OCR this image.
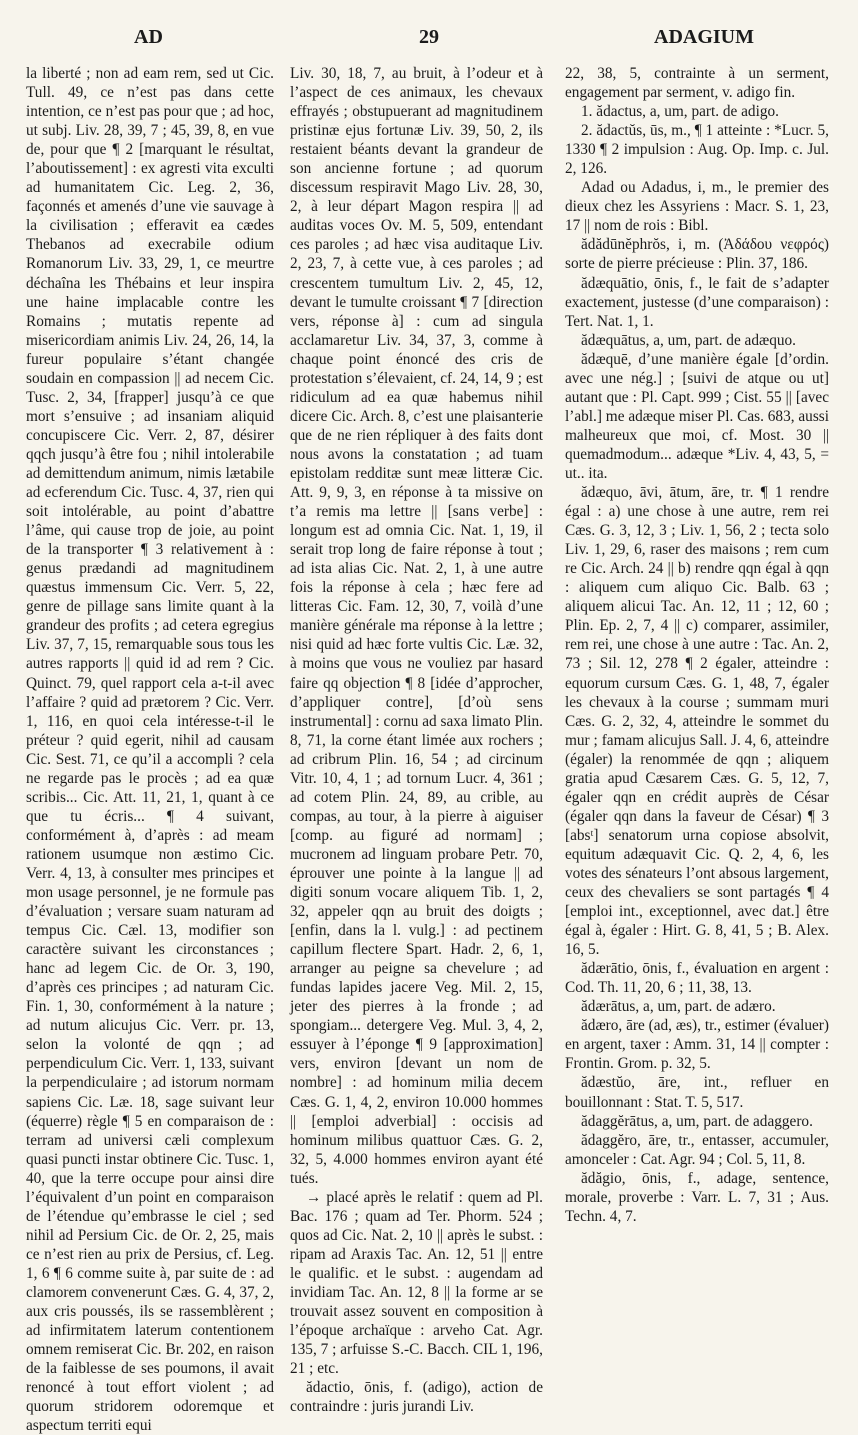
AD	29	ADAGIUM

la liberté ; non ad eam rem, sed ut Cic. Tull. 49, ce n’est pas dans cette intention, ce n’est pas pour que ; ad hoc, ut subj. Liv. 28, 39, 7 ; 45, 39, 8, en vue de, pour que ¶ 2 [marquant le résultat, l’aboutissement] : ex agresti vita exculti ad humanitatem Cic. Leg. 2, 36, façonnés et amenés d’une vie sauvage à la civilisation ; efferavit ea cædes Thebanos ad execrabile odium Romanorum Liv. 33, 29, 1, ce meurtre déchaîna les Thébains et leur inspira une haine implacable contre les Romains ; mutatis repente ad misericordiam animis Liv. 24, 26, 14, la fureur populaire s’étant changée soudain en compassion || ad necem Cic. Tusc. 2, 34, [frapper] jusqu’à ce que mort s’ensuive ; ad insaniam aliquid concupiscere Cic. Verr. 2, 87, désirer qqch jusqu’à être fou ; nihil intolerabile ad demittendum animum, nimis lætabile ad ecferendum Cic. Tusc. 4, 37, rien qui soit intolérable, au point d’abattre l’âme, qui cause trop de joie, au point de la transporter ¶ 3 relativement à : genus prædandi ad magnitudinem quæstus immensum Cic. Verr. 5, 22, genre de pillage sans limite quant à la grandeur des profits ; ad cetera egregius Liv. 37, 7, 15, remarquable sous tous les autres rapports || quid id ad rem ? Cic. Quinct. 79, quel rapport cela a-t-il avec l’affaire ? quid ad prætorem ? Cic. Verr. 1, 116, en quoi cela intéresse-t-il le préteur ? quid egerit, nihil ad causam Cic. Sest. 71, ce qu’il a accompli ? cela ne regarde pas le procès ; ad ea quæ scribis... Cic. Att. 11, 21, 1, quant à ce que tu écris... ¶ 4 suivant, conformément à, d’après : ad meam rationem usumque non æstimo Cic. Verr. 4, 13, à consulter mes principes et mon usage personnel, je ne formule pas d’évaluation ; versare suam naturam ad tempus Cic. Cæl. 13, modifier son caractère suivant les circonstances ; hanc ad legem Cic. de Or. 3, 190, d’après ces principes ; ad naturam Cic. Fin. 1, 30, conformément à la nature ; ad nutum alicujus Cic. Verr. pr. 13, selon la volonté de qqn ; ad perpendiculum Cic. Verr. 1, 133, suivant la perpendiculaire ; ad istorum normam sapiens Cic. Læ. 18, sage suivant leur (équerre) règle ¶ 5 en comparaison de : terram ad universi cæli complexum quasi puncti instar obtinere Cic. Tusc. 1, 40, que la terre occupe pour ainsi dire l’équivalent d’un point en comparaison de l’étendue qu’embrasse le ciel ; sed nihil ad Persium Cic. de Or. 2, 25, mais ce n’est rien au prix de Persius, cf. Leg. 1, 6 ¶ 6 comme suite à, par suite de : ad clamorem convenerunt Cæs. G. 4, 37, 2, aux cris poussés, ils se rassemblèrent ; ad infirmitatem laterum contentionem omnem remiserat Cic. Br. 202, en raison de la faiblesse de ses poumons, il avait renoncé à tout effort violent ; ad quorum stridorem odoremque et aspectum territi equi

Liv. 30, 18, 7, au bruit, à l’odeur et à l’aspect de ces animaux, les chevaux effrayés ; obstupuerant ad magnitudinem pristinæ ejus fortunæ Liv. 39, 50, 2, ils restaient béants devant la grandeur de son ancienne fortune ; ad quorum discessum respiravit Mago Liv. 28, 30, 2, à leur départ Magon respira || ad auditas voces Ov. M. 5, 509, entendant ces paroles ; ad hæc visa auditaque Liv. 2, 23, 7, à cette vue, à ces paroles ; ad crescentem tumultum Liv. 2, 45, 12, devant le tumulte croissant ¶ 7 [direction vers, réponse à] : cum ad singula acclamaretur Liv. 34, 37, 3, comme à chaque point énoncé des cris de protestation s’élevaient, cf. 24, 14, 9 ; est ridiculum ad ea quæ habemus nihil dicere Cic. Arch. 8, c’est une plaisanterie que de ne rien répliquer à des faits dont nous avons la constatation ; ad tuam epistolam redditæ sunt meæ litteræ Cic. Att. 9, 9, 3, en réponse à ta missive on t’a remis ma lettre || [sans verbe] : longum est ad omnia Cic. Nat. 1, 19, il serait trop long de faire réponse à tout ; ad ista alias Cic. Nat. 2, 1, à une autre fois la réponse à cela ; hæc fere ad litteras Cic. Fam. 12, 30, 7, voilà d’une manière générale ma réponse à la lettre ; nisi quid ad hæc forte vultis Cic. Læ. 32, à moins que vous ne vouliez par hasard faire qq objection ¶ 8 [idée d’approcher, d’appliquer contre], [d’où sens instrumental] : cornu ad saxa limato Plin. 8, 71, la corne étant limée aux rochers ; ad cribrum Plin. 16, 54 ; ad circinum Vitr. 10, 4, 1 ; ad tornum Lucr. 4, 361 ; ad cotem Plin. 24, 89, au crible, au compas, au tour, à la pierre à aiguiser [comp. au figuré ad normam] ; mucronem ad linguam probare Petr. 70, éprouver une pointe à la langue || ad digiti sonum vocare aliquem Tib. 1, 2, 32, appeler qqn au bruit des doigts ; [enfin, dans la l. vulg.] : ad pectinem capillum flectere Spart. Hadr. 2, 6, 1, arranger au peigne sa chevelure ; ad fundas lapides jacere Veg. Mil. 2, 15, jeter des pierres à la fronde ; ad spongiam... detergere Veg. Mul. 3, 4, 2, essuyer à l’éponge ¶ 9 [approximation] vers, environ [devant un nom de nombre] : ad hominum milia decem Cæs. G. 1, 4, 2, environ 10.000 hommes || [emploi adverbial] : occisis ad hominum milibus quattuor Cæs. G. 2, 32, 5, 4.000 hommes environ ayant été tués.

→ placé après le relatif : quem ad Pl. Bac. 176 ; quam ad Ter. Phorm. 524 ; quos ad Cic. Nat. 2, 10 || après le subst. : ripam ad Araxis Tac. An. 12, 51 || entre le qualific. et le subst. : augendam ad invidiam Tac. An. 12, 8 || la forme ar se trouvait assez souvent en composition à l’époque archaïque : arveho Cat. Agr. 135, 7 ; arfuisse S.-C. Bacch. CIL 1, 196, 21 ; etc.

ădactio, ōnis, f. (adigo), action de contraindre : juris jurandi Liv.

22, 38, 5, contrainte à un serment, engagement par serment, v. adigo fin.

1. ădactus, a, um, part. de adigo.

2. ădactŭs, ūs, m., ¶ 1 atteinte : *Lucr. 5, 1330 ¶ 2 impulsion : Aug. Op. Imp. c. Jul. 2, 126.

Adad ou Adadus, i, m., le premier des dieux chez les Assyriens : Macr. S. 1, 23, 17 || nom de rois : Bibl.

ădădūnĕphrŏs, i, m. (Ἀδάδου νεφρός) sorte de pierre précieuse : Plin. 37, 186.

ădæquātio, ōnis, f., le fait de s’adapter exactement, justesse (d’une comparaison) : Tert. Nat. 1, 1.

ădæquātus, a, um, part. de adæquo.

ădæquē, d’une manière égale [d’ordin. avec une nég.] ; [suivi de atque ou ut] autant que : Pl. Capt. 999 ; Cist. 55 || [avec l’abl.] me adæque miser Pl. Cas. 683, aussi malheureux que moi, cf. Most. 30 || quemadmodum... adæque *Liv. 4, 43, 5, = ut.. ita.

ădæquo, āvi, ātum, āre, tr. ¶ 1 rendre égal : a) une chose à une autre, rem rei Cæs. G. 3, 12, 3 ; Liv. 1, 56, 2 ; tecta solo Liv. 1, 29, 6, raser des maisons ; rem cum re Cic. Arch. 24 || b) rendre qqn égal à qqn : aliquem cum aliquo Cic. Balb. 63 ; aliquem alicui Tac. An. 12, 11 ; 12, 60 ; Plin. Ep. 2, 7, 4 || c) comparer, assimiler, rem rei, une chose à une autre : Tac. An. 2, 73 ; Sil. 12, 278 ¶ 2 égaler, atteindre : equorum cursum Cæs. G. 1, 48, 7, égaler les chevaux à la course ; summam muri Cæs. G. 2, 32, 4, atteindre le sommet du mur ; famam alicujus Sall. J. 4, 6, atteindre (égaler) la renommée de qqn ; aliquem gratia apud Cæsarem Cæs. G. 5, 12, 7, égaler qqn en crédit auprès de César (égaler qqn dans la faveur de César) ¶ 3 [absᵗ] senatorum urna copiose absolvit, equitum adæquavit Cic. Q. 2, 4, 6, les votes des sénateurs l’ont absous largement, ceux des chevaliers se sont partagés ¶ 4 [emploi int., exceptionnel, avec dat.] être égal à, égaler : Hirt. G. 8, 41, 5 ; B. Alex. 16, 5.

ădærātio, ōnis, f., évaluation en argent : Cod. Th. 11, 20, 6 ; 11, 38, 13.

ădærātus, a, um, part. de adæro.

ădæro, āre (ad, æs), tr., estimer (évaluer) en argent, taxer : Amm. 31, 14 || compter : Frontin. Grom. p. 32, 5.

ădæstŭo, āre, int., refluer en bouillonnant : Stat. T. 5, 517.

ădaggĕrātus, a, um, part. de adaggero.

ădaggĕro, āre, tr., entasser, accumuler, amonceler : Cat. Agr. 94 ; Col. 5, 11, 8.

ădăgio, ōnis, f., adage, sentence, morale, proverbe : Varr. L. 7, 31 ; Aus. Techn. 4, 7.
